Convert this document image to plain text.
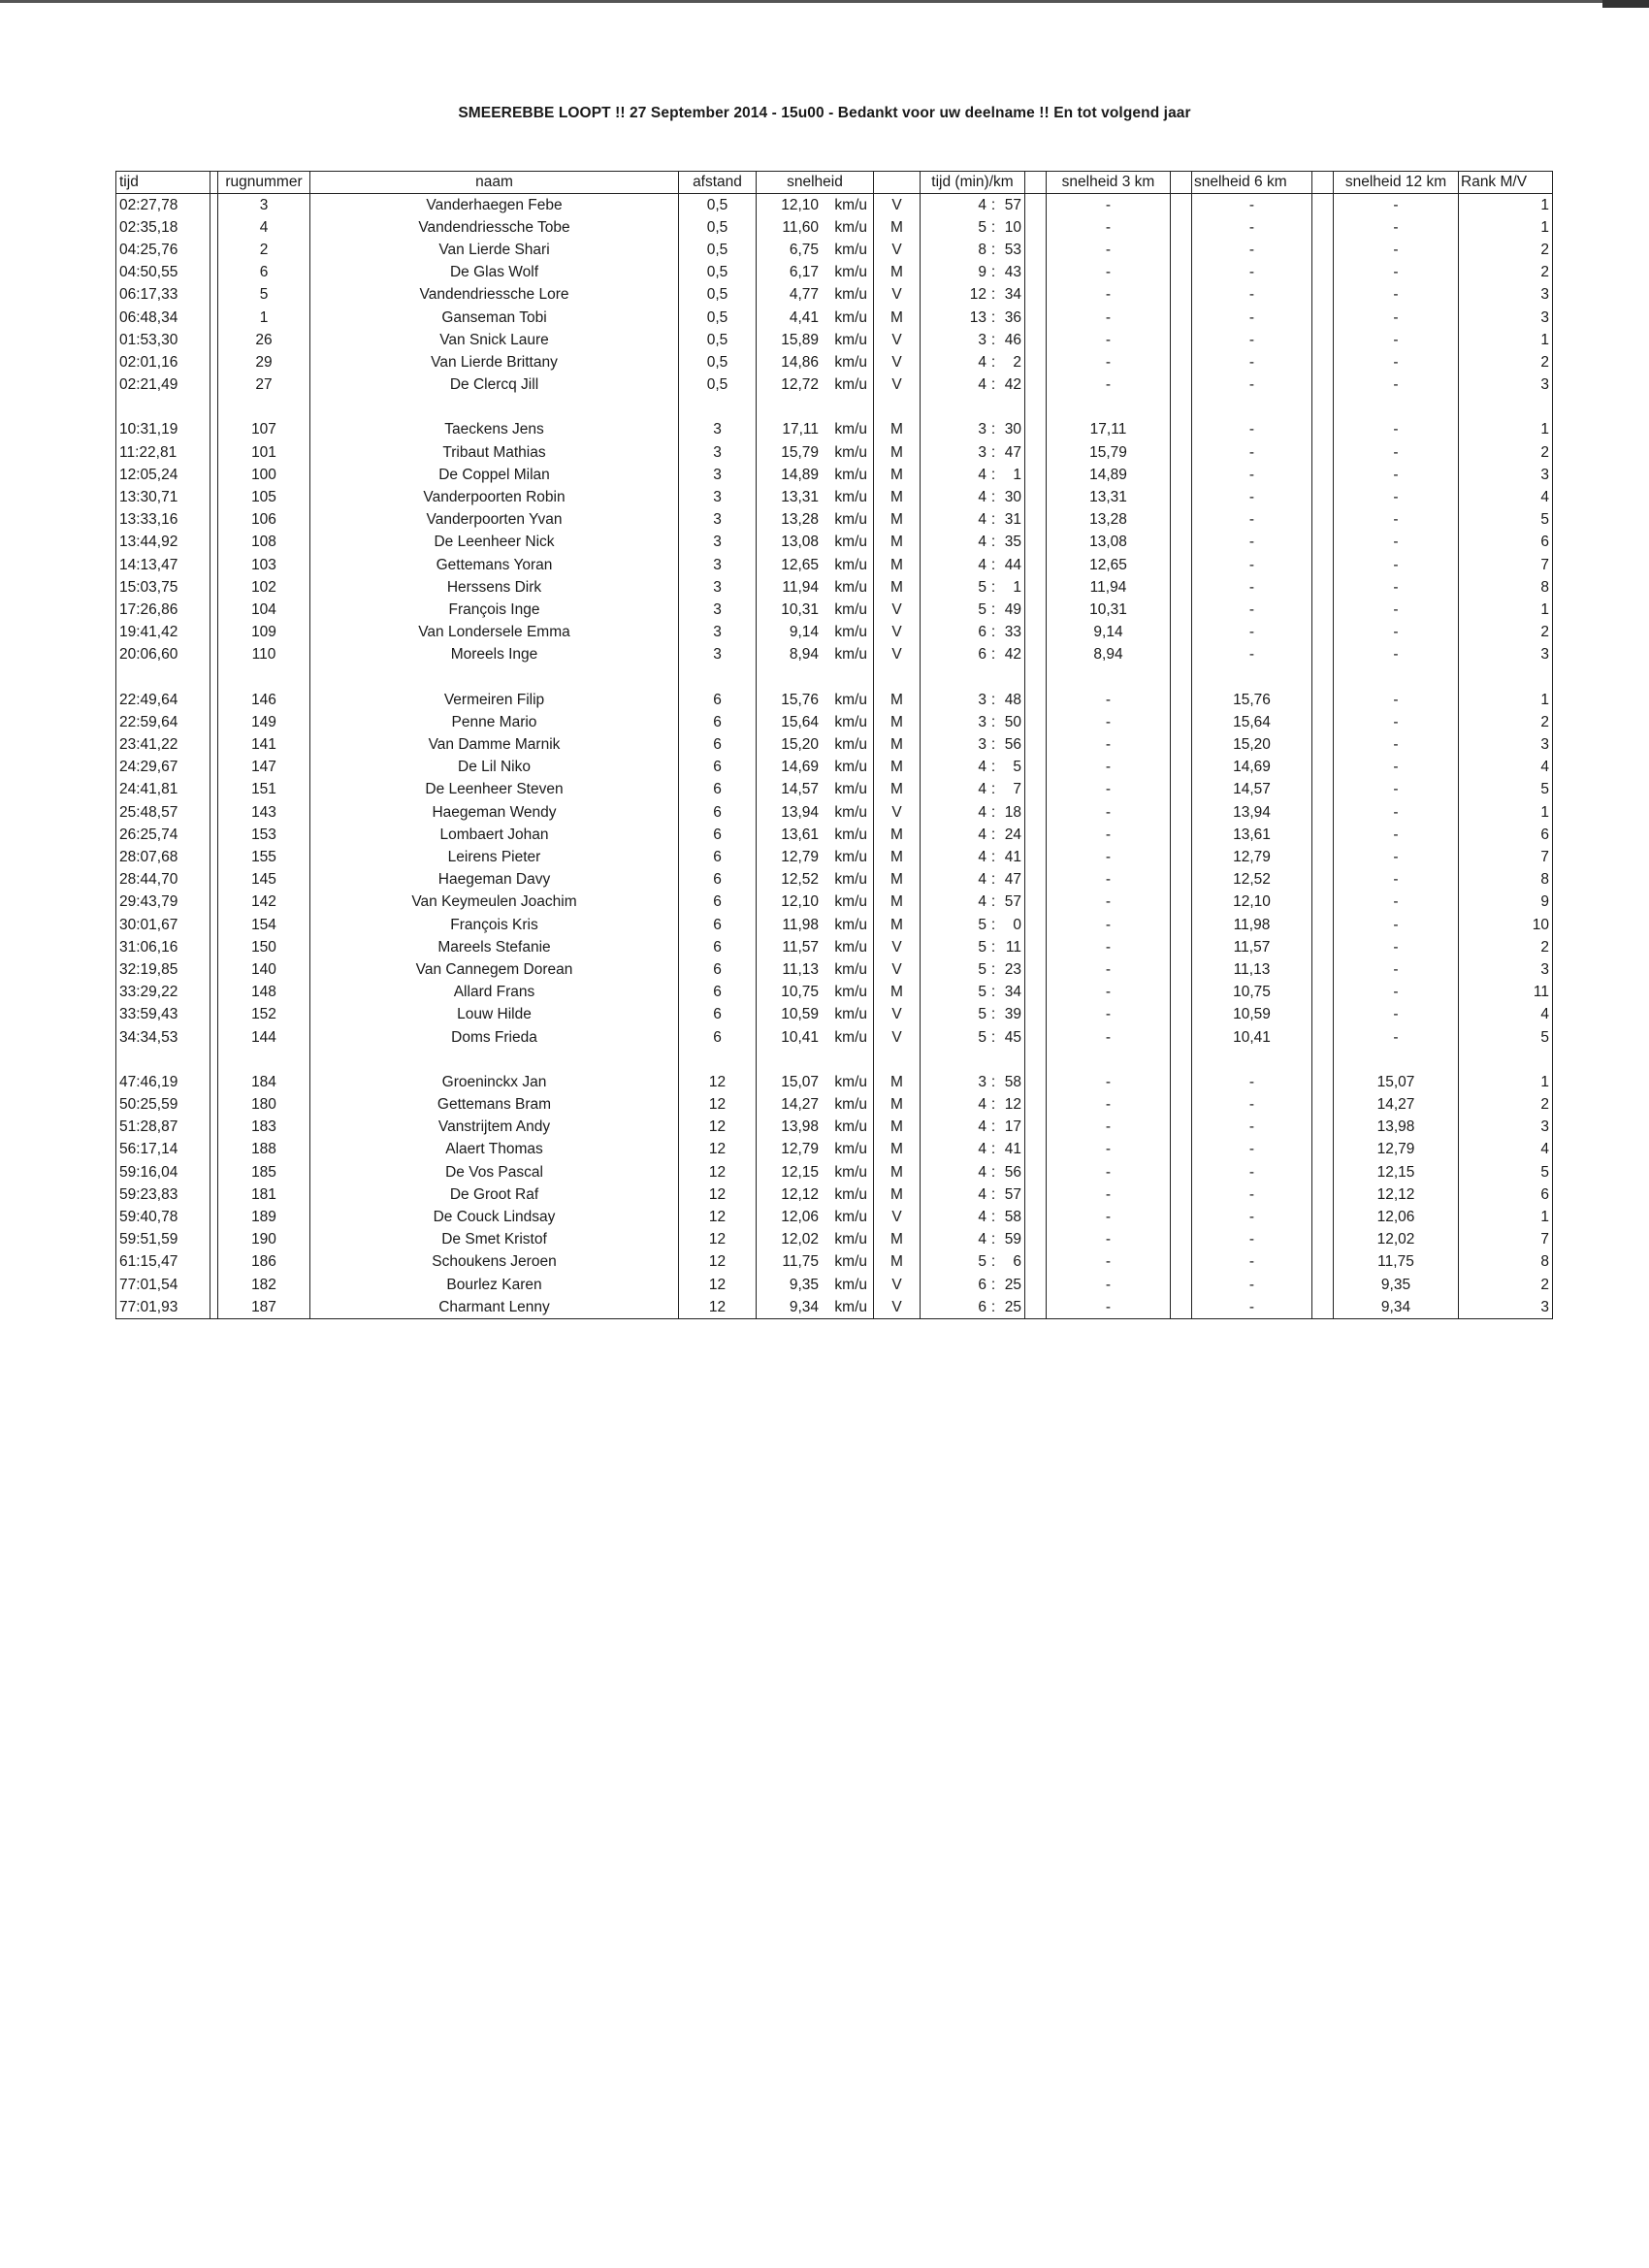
SMEEREBBE LOOPT !! 27 September 2014 - 15u00 - Bedankt voor uw deelname !! En tot volgend jaar
tijd		rugnummer	naam	afstand	snelheid		tijd (min)/km		snelheid 3 km		snelheid 6 km		snelheid 12 km	Rank M/V
02:27,78		3	Vanderhaegen Febe	0,5	12,10 km/u	V	4 : 57		-		-		-	1
02:35,18		4	Vandendriessche Tobe	0,5	11,60 km/u	M	5 : 10		-		-		-	1
04:25,76		2	Van Lierde Shari	0,5	6,75 km/u	V	8 : 53		-		-		-	2
04:50,55		6	De Glas Wolf	0,5	6,17 km/u	M	9 : 43		-		-		-	2
06:17,33		5	Vandendriessche Lore	0,5	4,77 km/u	V	12 : 34		-		-		-	3
06:48,34		1	Ganseman Tobi	0,5	4,41 km/u	M	13 : 36		-		-		-	3
01:53,30		26	Van Snick Laure	0,5	15,89 km/u	V	3 : 46		-		-		-	1
02:01,16		29	Van Lierde Brittany	0,5	14,86 km/u	V	4 : 2		-		-		-	2
02:21,49		27	De Clercq Jill	0,5	12,72 km/u	V	4 : 42		-		-		-	3

10:31,19		107	Taeckens Jens	3	17,11 km/u	M	3 : 30		17,11		-		-	1
11:22,81		101	Tribaut Mathias	3	15,79 km/u	M	3 : 47		15,79		-		-	2
12:05,24		100	De Coppel Milan	3	14,89 km/u	M	4 : 1		14,89		-		-	3
13:30,71		105	Vanderpoorten Robin	3	13,31 km/u	M	4 : 30		13,31		-		-	4
13:33,16		106	Vanderpoorten Yvan	3	13,28 km/u	M	4 : 31		13,28		-		-	5
13:44,92		108	De Leenheer Nick	3	13,08 km/u	M	4 : 35		13,08		-		-	6
14:13,47		103	Gettemans Yoran	3	12,65 km/u	M	4 : 44		12,65		-		-	7
15:03,75		102	Herssens Dirk	3	11,94 km/u	M	5 : 1		11,94		-		-	8
17:26,86		104	François Inge	3	10,31 km/u	V	5 : 49		10,31		-		-	1
19:41,42		109	Van Londersele Emma	3	9,14 km/u	V	6 : 33		9,14		-		-	2
20:06,60		110	Moreels Inge	3	8,94 km/u	V	6 : 42		8,94		-		-	3

22:49,64		146	Vermeiren Filip	6	15,76 km/u	M	3 : 48		-		15,76		-	1
22:59,64		149	Penne Mario	6	15,64 km/u	M	3 : 50		-		15,64		-	2
23:41,22		141	Van Damme Marnik	6	15,20 km/u	M	3 : 56		-		15,20		-	3
24:29,67		147	De Lil Niko	6	14,69 km/u	M	4 : 5		-		14,69		-	4
24:41,81		151	De Leenheer Steven	6	14,57 km/u	M	4 : 7		-		14,57		-	5
25:48,57		143	Haegeman Wendy	6	13,94 km/u	V	4 : 18		-		13,94		-	1
26:25,74		153	Lombaert Johan	6	13,61 km/u	M	4 : 24		-		13,61		-	6
28:07,68		155	Leirens Pieter	6	12,79 km/u	M	4 : 41		-		12,79		-	7
28:44,70		145	Haegeman Davy	6	12,52 km/u	M	4 : 47		-		12,52		-	8
29:43,79		142	Van Keymeulen Joachim	6	12,10 km/u	M	4 : 57		-		12,10		-	9
30:01,67		154	François Kris	6	11,98 km/u	M	5 : 0		-		11,98		-	10
31:06,16		150	Mareels Stefanie	6	11,57 km/u	V	5 : 11		-		11,57		-	2
32:19,85		140	Van Cannegem Dorean	6	11,13 km/u	V	5 : 23		-		11,13		-	3
33:29,22		148	Allard Frans	6	10,75 km/u	M	5 : 34		-		10,75		-	11
33:59,43		152	Louw Hilde	6	10,59 km/u	V	5 : 39		-		10,59		-	4
34:34,53		144	Doms Frieda	6	10,41 km/u	V	5 : 45		-		10,41		-	5

47:46,19		184	Groeninckx Jan	12	15,07 km/u	M	3 : 58		-		-		15,07	1
50:25,59		180	Gettemans Bram	12	14,27 km/u	M	4 : 12		-		-		14,27	2
51:28,87		183	Vanstrijtem Andy	12	13,98 km/u	M	4 : 17		-		-		13,98	3
56:17,14		188	Alaert Thomas	12	12,79 km/u	M	4 : 41		-		-		12,79	4
59:16,04		185	De Vos Pascal	12	12,15 km/u	M	4 : 56		-		-		12,15	5
59:23,83		181	De Groot Raf	12	12,12 km/u	M	4 : 57		-		-		12,12	6
59:40,78		189	De Couck Lindsay	12	12,06 km/u	V	4 : 58		-		-		12,06	1
59:51,59		190	De Smet Kristof	12	12,02 km/u	M	4 : 59		-		-		12,02	7
61:15,47		186	Schoukens Jeroen	12	11,75 km/u	M	5 : 6		-		-		11,75	8
77:01,54		182	Bourlez Karen	12	9,35 km/u	V	6 : 25		-		-		9,35	2
77:01,93		187	Charmant Lenny	12	9,34 km/u	V	6 : 25		-		-		9,34	3
